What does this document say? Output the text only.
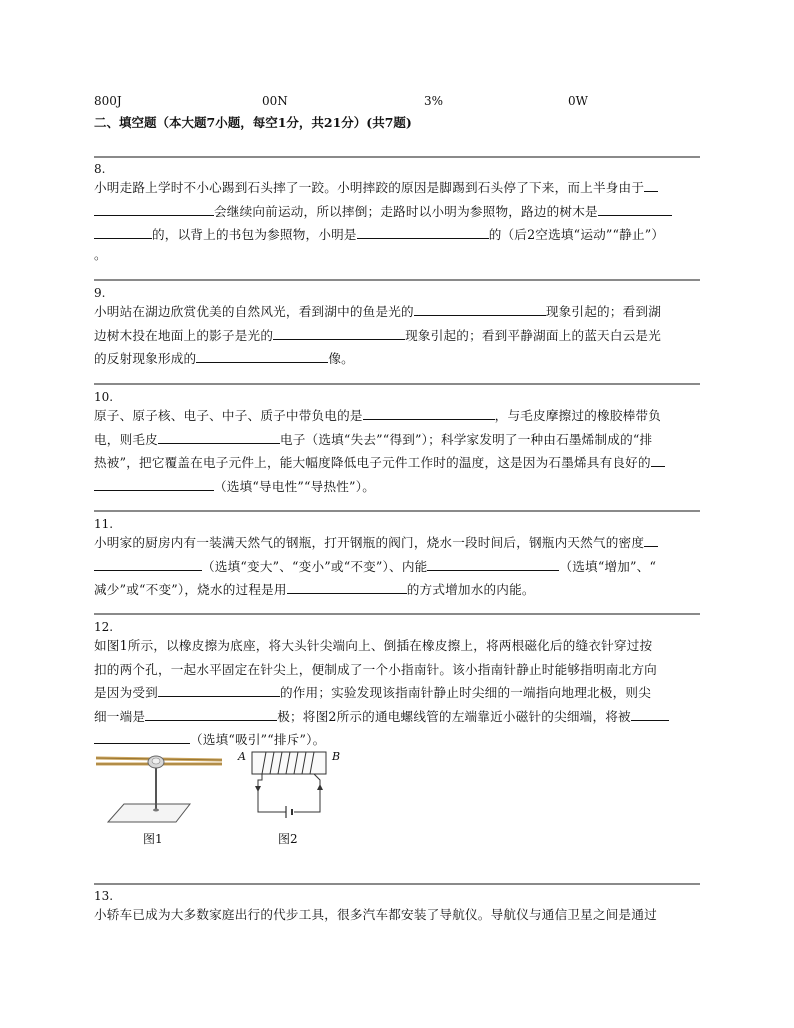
800J	00N	3%	0W
二、填空题（本大题7小题，每空1分，共21分）(共7题)
8.
小明走路上学时不小心踢到石头摔了一跤。小明摔跤的原因是脚踢到石头停了下来，而上半身由于
会继续向前运动，所以摔倒；走路时以小明为参照物，路边的树木是
的，以背上的书包为参照物，小明是	的（后2空选填“运动”“静止”）
。
9.
小明站在湖边欣赏优美的自然风光，看到湖中的鱼是光的	现象引起的；看到湖
边树木投在地面上的影子是光的	现象引起的；看到平静湖面上的蓝天白云是光
的反射现象形成的	像。
10.
原子、原子核、电子、中子、质子中带负电的是	，与毛皮摩擦过的橡胶棒带负
电，则毛皮	电子（选填“失去”“得到”）；科学家发明了一种由石墨烯制成的“排
热被”，把它覆盖在电子元件上，能大幅度降低电子元件工作时的温度，这是因为石墨烯具有良好的
（选填“导电性”“导热性”）。
11.
小明家的厨房内有一装满天然气的钢瓶，打开钢瓶的阀门，烧水一段时间后，钢瓶内天然气的密度
（选填“变大”、“变小”或“不变”）、内能	（选填“增加”、“
减少”或“不变”），烧水的过程是用	的方式增加水的内能。
12.
如图1所示，以橡皮擦为底座，将大头针尖端向上、倒插在橡皮擦上，将两根磁化后的缝衣针穿过按
扣的两个孔，一起水平固定在针尖上，便制成了一个小指南针。该小指南针静止时能够指明南北方向
是因为受到	的作用；实验发现该指南针静止时尖细的一端指向地理北极，则尖
细一端是	极；将图2所示的通电螺线管的左端靠近小磁针的尖细端，将被
（选填“吸引”“排斥”）。
图1
A	B
图2
13.
小轿车已成为大多数家庭出行的代步工具，很多汽车都安装了导航仪。导航仪与通信卫星之间是通过
